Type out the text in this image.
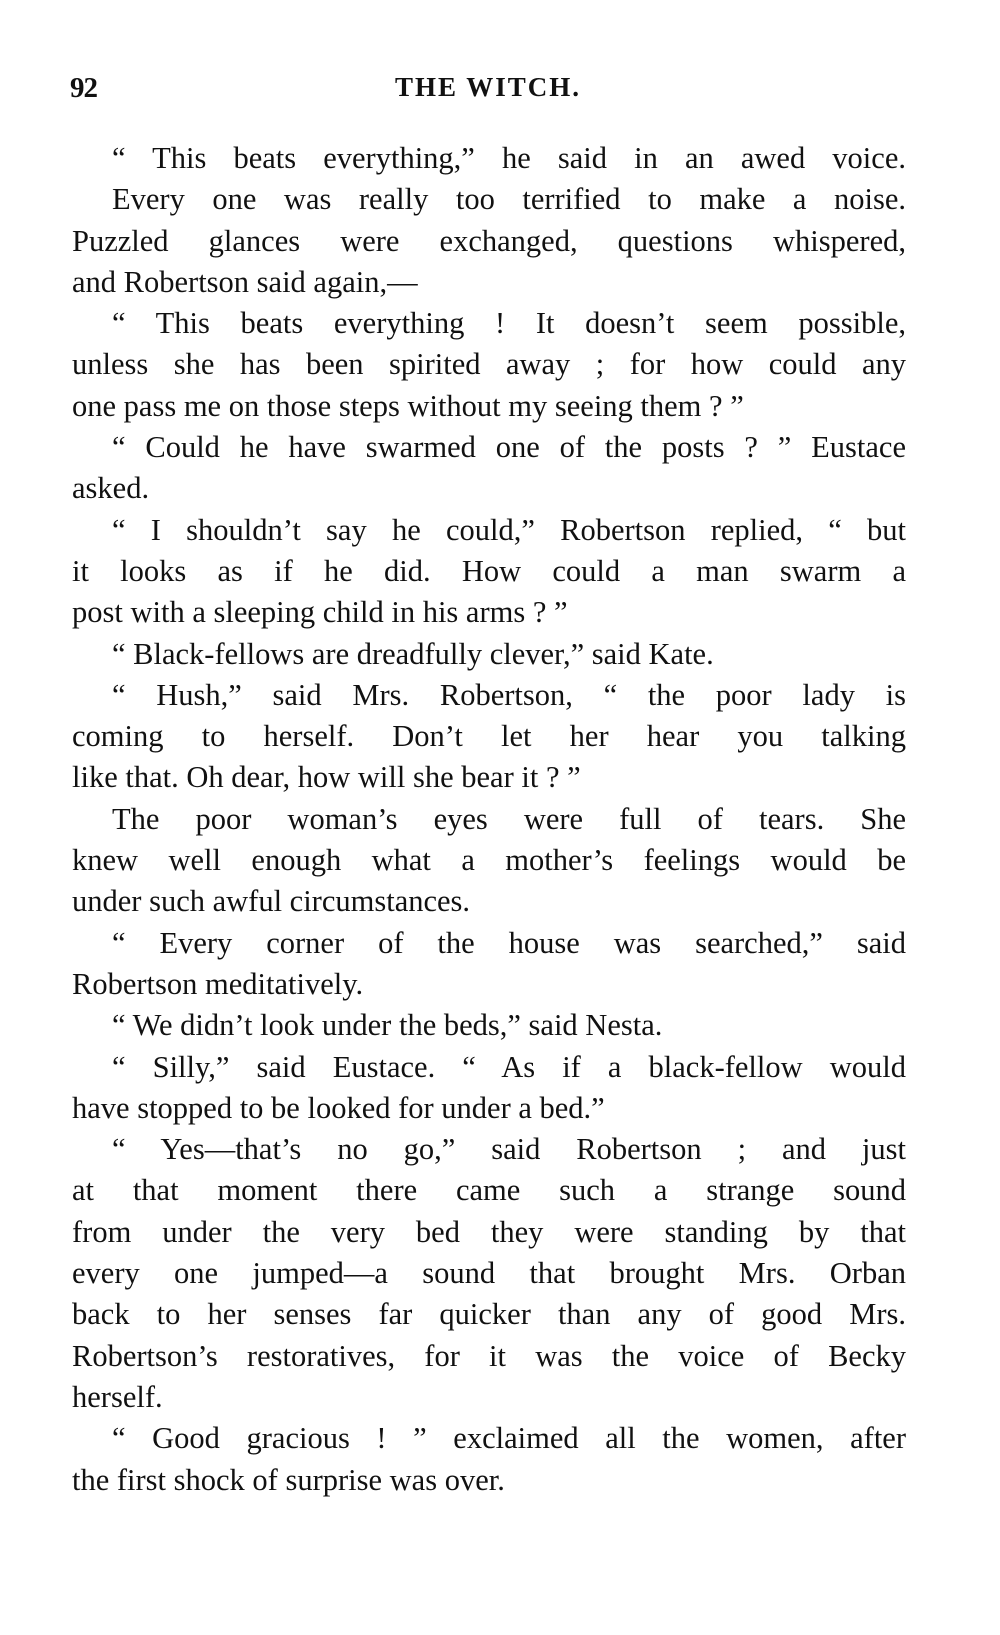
92	THE WITCH.
“ This beats everything,” he said in an awed voice.
Every one was really too terrified to make a noise.
Puzzled glances were exchanged, questions whispered,
and Robertson said again,—
“ This beats everything ! It doesn’t seem possible,
unless she has been spirited away ; for how could any
one pass me on those steps without my seeing them ? ”
“ Could he have swarmed one of the posts ? ” Eustace
asked.
“ I shouldn’t say he could,” Robertson replied, “ but
it looks as if he did. How could a man swarm a
post with a sleeping child in his arms ? ”
“ Black-fellows are dreadfully clever,” said Kate.
“ Hush,” said Mrs. Robertson, “ the poor lady is
coming to herself. Don’t let her hear you talking
like that. Oh dear, how will she bear it ? ”
The poor woman’s eyes were full of tears. She
knew well enough what a mother’s feelings would be
under such awful circumstances.
“ Every corner of the house was searched,” said
Robertson meditatively.
“ We didn’t look under the beds,” said Nesta.
“ Silly,” said Eustace. “ As if a black-fellow would
have stopped to be looked for under a bed.”
“ Yes—that’s no go,” said Robertson ; and just
at that moment there came such a strange sound
from under the very bed they were standing by that
every one jumped—a sound that brought Mrs. Orban
back to her senses far quicker than any of good Mrs.
Robertson’s restoratives, for it was the voice of Becky
herself.
“ Good gracious ! ” exclaimed all the women, after
the first shock of surprise was over.
